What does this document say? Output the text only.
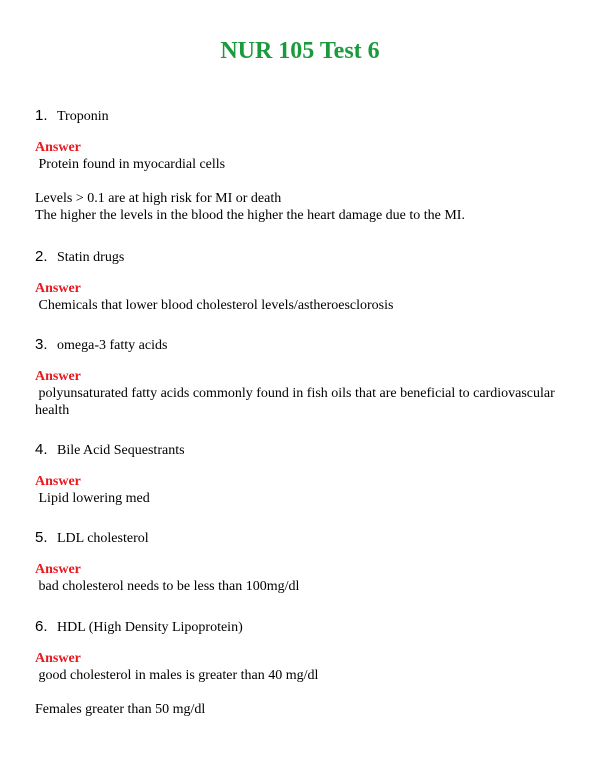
NUR 105 Test 6
1. Troponin
Answer
Protein found in myocardial cells
Levels > 0.1 are at high risk for MI or death
The higher the levels in the blood the higher the heart damage due to the MI.
2. Statin drugs
Answer
Chemicals that lower blood cholesterol levels/astheroesclorosis
3. omega-3 fatty acids
Answer
polyunsaturated fatty acids commonly found in fish oils that are beneficial to cardiovascular
health
4. Bile Acid Sequestrants
Answer
Lipid lowering med
5. LDL cholesterol
Answer
bad cholesterol needs to be less than 100mg/dl
6. HDL (High Density Lipoprotein)
Answer
good cholesterol in males is greater than 40 mg/dl
Females greater than 50 mg/dl
